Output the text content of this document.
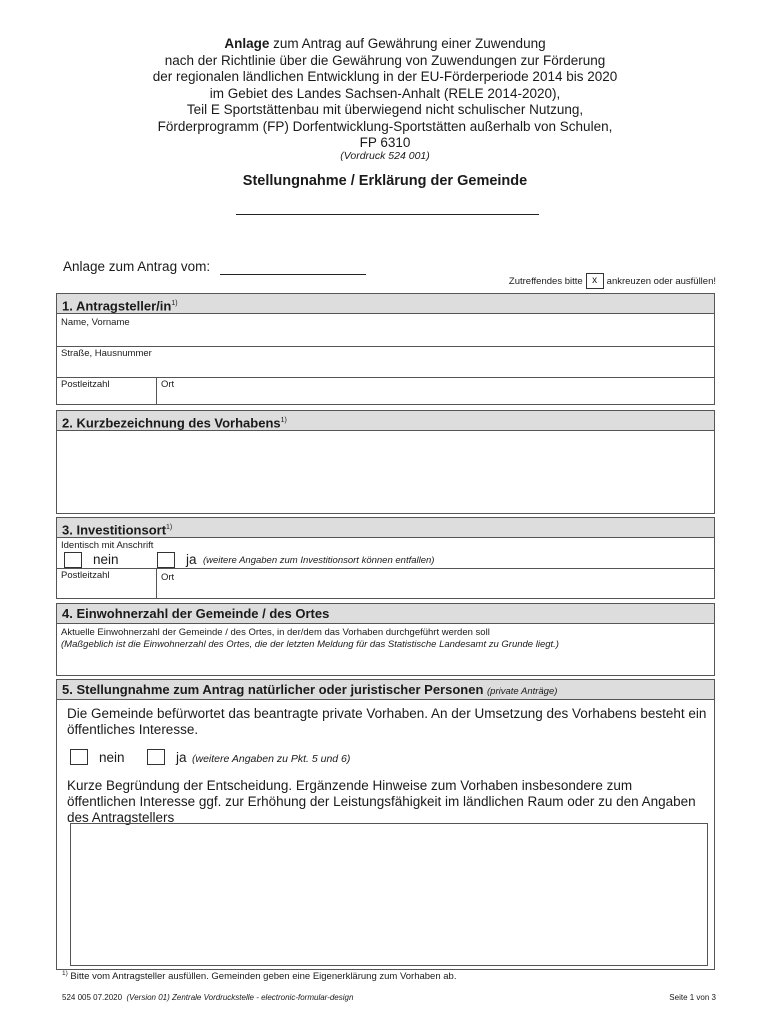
Anlage zum Antrag auf Gewährung einer Zuwendung
nach der Richtlinie über die Gewährung von Zuwendungen zur Förderung
der regionalen ländlichen Entwicklung in der EU-Förderperiode 2014 bis 2020
im Gebiet des Landes Sachsen-Anhalt (RELE 2014-2020),
Teil E Sportstättenbau mit überwiegend nicht schulischer Nutzung,
Förderprogramm (FP) Dorfentwicklung-Sportstätten außerhalb von Schulen,
FP 6310
(Vordruck 524 001)
Stellungnahme / Erklärung der Gemeinde
Anlage zum Antrag vom:
Zutreffendes bitte x	ankreuzen oder ausfüllen!
1. Antragsteller/$in^{1)}$
Name, Vorname
Straße, Hausnummer
Postleitzahl	Ort
2. Kurzbezeichnung des Vorhabens$^{1)}$
3. Investitionsort$^{1)}$
Identisch mit Anschrift
nein	ja (weitere Angaben zum Investitionsort können entfallen)
Postleitzahl	Ort
4. Einwohnerzahl der Gemeinde / des Ortes
Aktuelle Einwohnerzahl der Gemeinde / des Ortes, in der/dem das Vorhaben durchgeführt werden soll
(Maßgeblich ist die Einwohnerzahl des Ortes, die der letzten Meldung für das Statistische Landesamt zu Grunde liegt.)
5. Stellungnahme zum Antrag natürlicher oder juristischer Personen (private Anträge)
Die Gemeinde befürwortet das beantragte private Vorhaben. An der Umsetzung des Vorhabens besteht ein öffentliches Interesse.
nein	ja (weitere Angaben zu Pkt. 5 und 6)
Kurze Begründung der Entscheidung. Ergänzende Hinweise zum Vorhaben insbesondere zum öffentlichen Interesse ggf. zur Erhöhung der Leistungsfähigkeit im ländlichen Raum oder zu den Angaben des Antragstellers
$^{1)}$ Bitte vom Antragsteller ausfüllen. Gemeinden geben eine Eigenerklärung zum Vorhaben ab.
524 005 07.2020 (Version 01) Zentrale Vordruckstelle - electronic-formular-design	Seite 1 von 3
